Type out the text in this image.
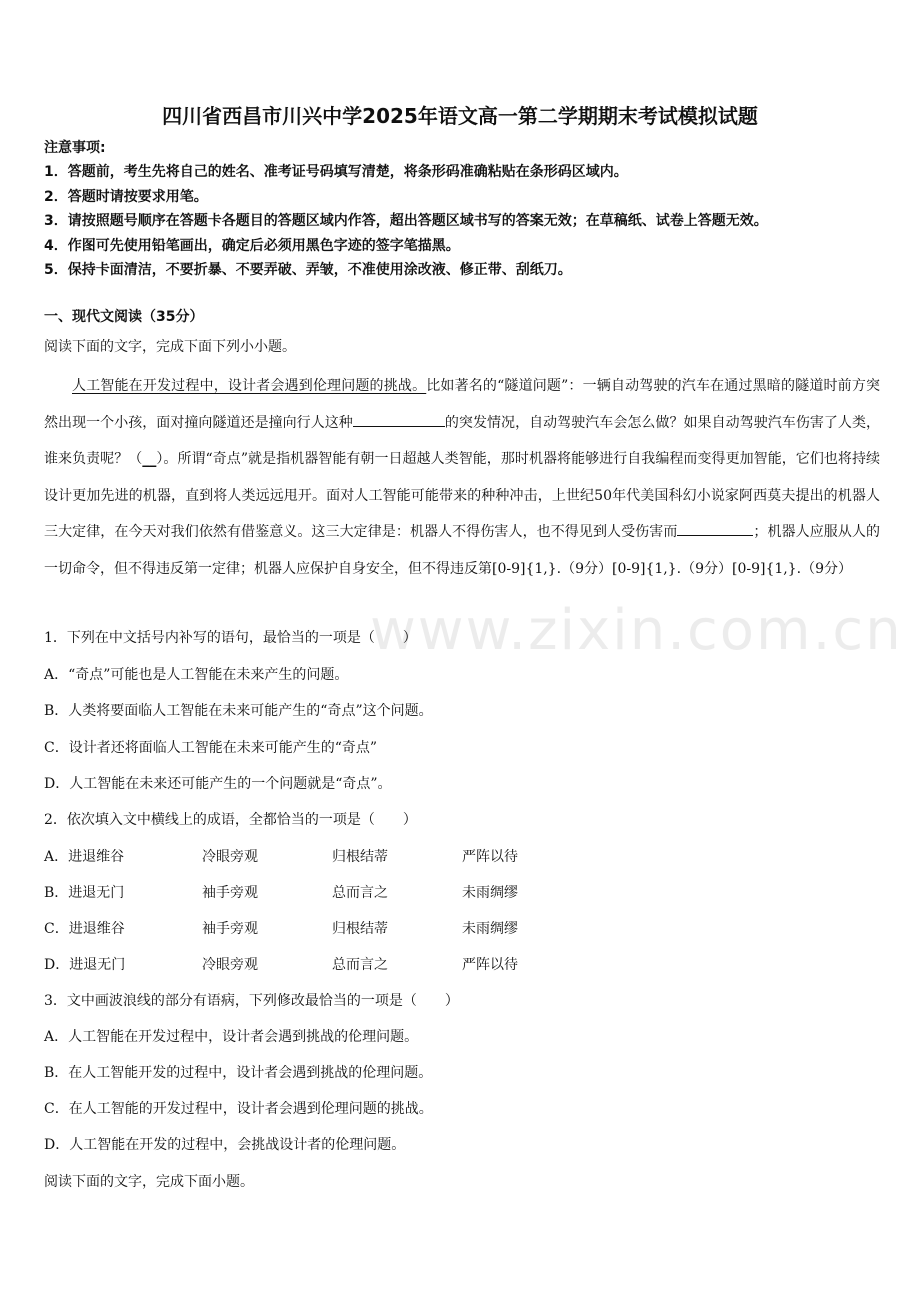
四川省西昌市川兴中学2025年语文高一第二学期期末考试模拟试题
注意事项:
1．答题前，考生先将自己的姓名、准考证号码填写清楚，将条形码准确粘贴在条形码区域内。
2．答题时请按要求用笔。
3．请按照题号顺序在答题卡各题目的答题区域内作答，超出答题区域书写的答案无效；在草稿纸、试卷上答题无效。
4．作图可先使用铅笔画出，确定后必须用黑色字迹的签字笔描黑。
5．保持卡面清洁，不要折暴、不要弄破、弄皱，不准使用涂改液、修正带、刮纸刀。
一、现代文阅读（35分）
阅读下面的文字，完成下面下列小小题。

人工智能在开发过程中，设计者会遇到伦理问题的挑战。比如著名的“隧道问题”：一辆自动驾驶的汽车在通过黑暗的隧道时前方突然出现一个小孩，面对撞向隧道还是撞向行人这种	的突发情况，自动驾驶汽车会怎么做？如果自动驾驶汽车伤害了人类，谁来负责呢？（__）。所谓“奇点”就是指机器智能有朝一日超越人类智能，那时机器将能够进行自我编程而变得更加智能，它们也将持续设计更加先进的机器，直到将人类远远甩开。面对人工智能可能带来的种种冲击，上世纪50年代美国科幻小说家阿西莫夫提出的机器人三大定律，在今天对我们依然有借鉴意义。这三大定律是：机器人不得伤害人，也不得见到人受伤害而	；机器人应服从人的一切命令，但不得违反第一定律；机器人应保护自身安全，但不得违反第[0-9]{1,}.（9分）[0-9]{1,}.（9分）[0-9]{1,}.（9分）

www.zixin.com.cn
1．下列在中文括号内补写的语句，最恰当的一项是（　　）
A．“奇点”可能也是人工智能在未来产生的问题。
B．人类将要面临人工智能在未来可能产生的“奇点”这个问题。
C．设计者还将面临人工智能在未来可能产生的“奇点”
D．人工智能在未来还可能产生的一个问题就是“奇点”。
2．依次填入文中横线上的成语，全都恰当的一项是（　　）
A．进退维谷	冷眼旁观	归根结蒂	严阵以待
B．进退无门	袖手旁观	总而言之	未雨绸缪
C．进退维谷	袖手旁观	归根结蒂	未雨绸缪
D．进退无门	冷眼旁观	总而言之	严阵以待
3．文中画波浪线的部分有语病，下列修改最恰当的一项是（　　）
A．人工智能在开发过程中，设计者会遇到挑战的伦理问题。
B．在人工智能开发的过程中，设计者会遇到挑战的伦理问题。
C．在人工智能的开发过程中，设计者会遇到伦理问题的挑战。
D．人工智能在开发的过程中，会挑战设计者的伦理问题。
阅读下面的文字，完成下面小题。
